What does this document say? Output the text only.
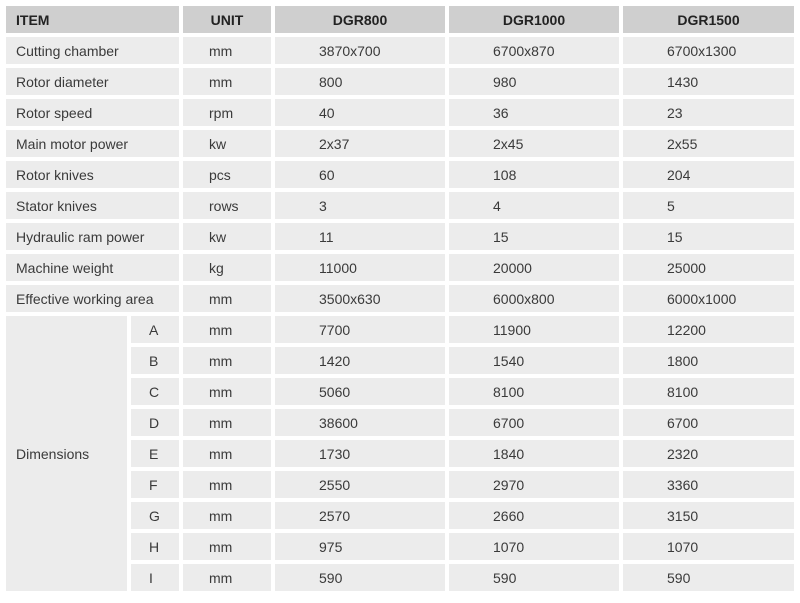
ITEM		UNIT	DGR800	DGR1000	DGR1500
Cutting chamber		mm	3870x700	6700x870	6700x1300
Rotor diameter		mm	800	980	1430
Rotor speed		rpm	40	36	23
Main motor power		kw	2x37	2x45	2x55
Rotor knives		pcs	60	108	204
Stator knives		rows	3	4	5
Hydraulic ram power		kw	11	15	15
Machine weight		kg	11000	20000	25000
Effective working area		mm	3500x630	6000x800	6000x1000
Dimensions	A	mm	7700	11900	12200
	B	mm	1420	1540	1800
	C	mm	5060	8100	8100
	D	mm	38600	6700	6700
	E	mm	1730	1840	2320
	F	mm	2550	2970	3360
	G	mm	2570	2660	3150
	H	mm	975	1070	1070
	I	mm	590	590	590
